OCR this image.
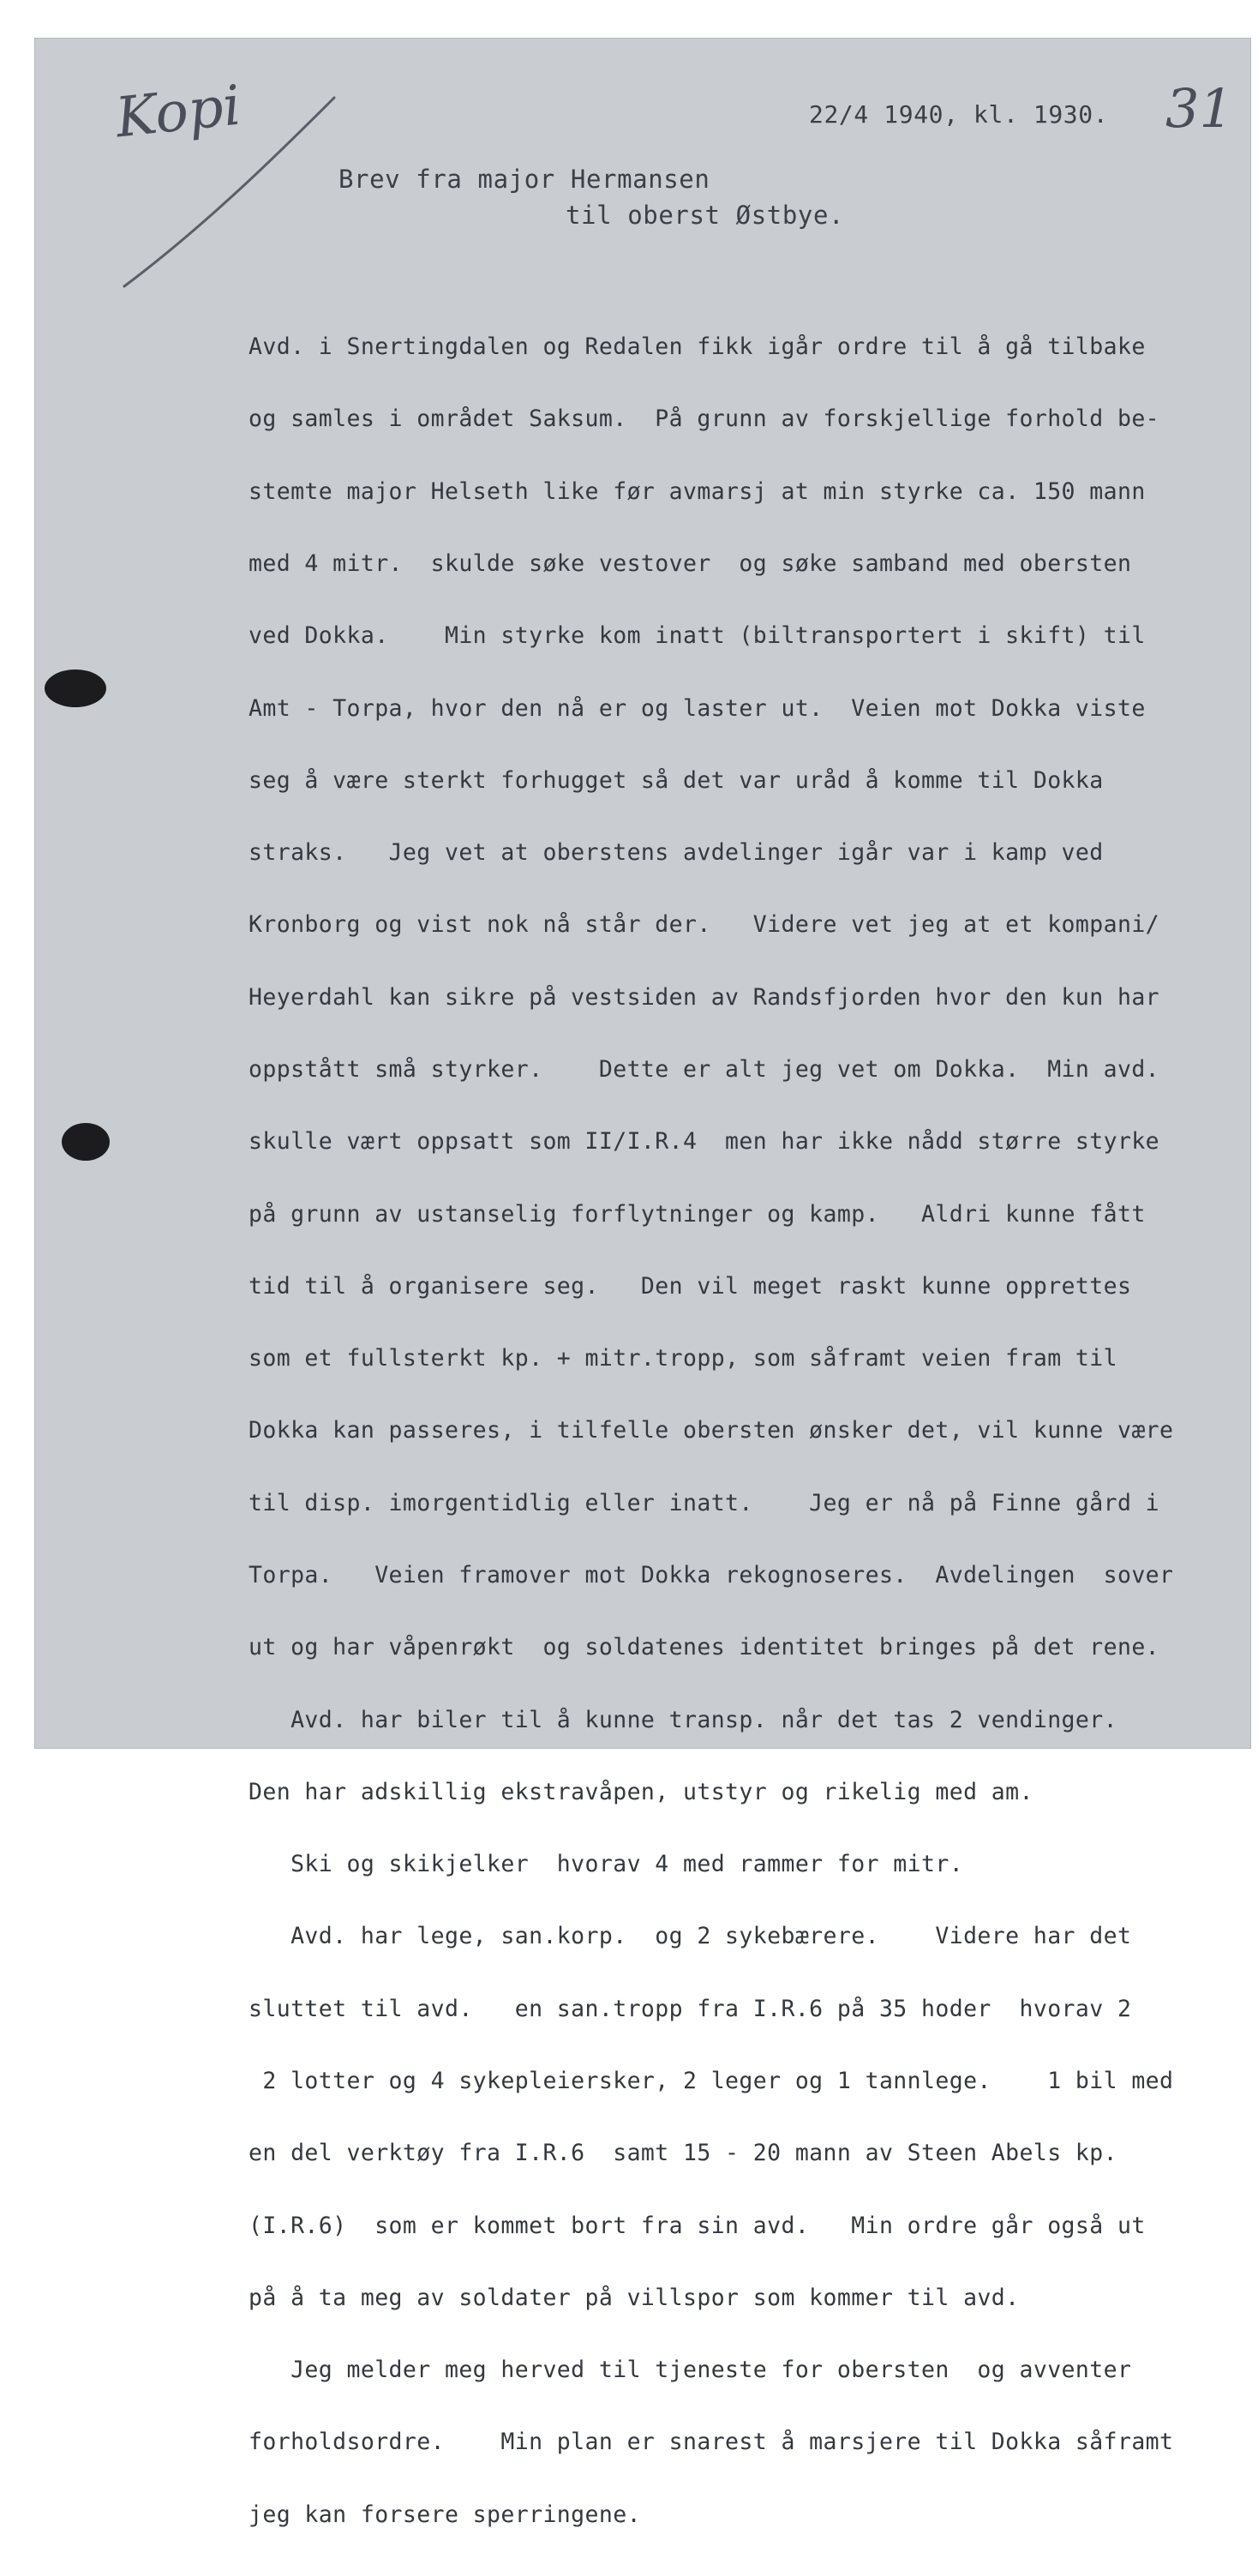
Kopi	31
22/4 1940, kl. 1930.
Brev fra major Hermansen
til oberst Østbye.

Avd. i Snertingdalen og Redalen fikk igår ordre til å gå tilbake

og samles i området Saksum.  På grunn av forskjellige forhold be-

stemte major Helseth like før avmarsj at min styrke ca. 150 mann

med 4 mitr.  skulde søke vestover  og søke samband med obersten

ved Dokka.    Min styrke kom inatt (biltransportert i skift) til

Amt - Torpa, hvor den nå er og laster ut.  Veien mot Dokka viste

seg å være sterkt forhugget så det var uråd å komme til Dokka

straks.   Jeg vet at oberstens avdelinger igår var i kamp ved

Kronborg og vist nok nå står der.   Videre vet jeg at et kompani/

Heyerdahl kan sikre på vestsiden av Randsfjorden hvor den kun har

oppstått små styrker.    Dette er alt jeg vet om Dokka.  Min avd.

skulle vært oppsatt som II/I.R.4  men har ikke nådd større styrke

på grunn av ustanselig forflytninger og kamp.   Aldri kunne fått

tid til å organisere seg.   Den vil meget raskt kunne opprettes

som et fullsterkt kp. + mitr.tropp, som såframt veien fram til

Dokka kan passeres, i tilfelle obersten ønsker det, vil kunne være

til disp. imorgentidlig eller inatt.    Jeg er nå på Finne gård i

Torpa.   Veien framover mot Dokka rekognoseres.  Avdelingen  sover

ut og har våpenrøkt  og soldatenes identitet bringes på det rene.

Avd. har biler til å kunne transp. når det tas 2 vendinger.

Den har adskillig ekstravåpen, utstyr og rikelig med am.

Ski og skikjelker  hvorav 4 med rammer for mitr.

Avd. har lege, san.korp.  og 2 sykebærere.    Videre har det

sluttet til avd.   en san.tropp fra I.R.6 på 35 hoder  hvorav 2

2 lotter og 4 sykepleiersker, 2 leger og 1 tannlege.    1 bil med

en del verktøy fra I.R.6  samt 15 - 20 mann av Steen Abels kp.

(I.R.6)  som er kommet bort fra sin avd.   Min ordre går også ut

på å ta meg av soldater på villspor som kommer til avd.

Jeg melder meg herved til tjeneste for obersten  og avventer

forholdsordre.    Min plan er snarest å marsjere til Dokka såframt

jeg kan forsere sperringene.
